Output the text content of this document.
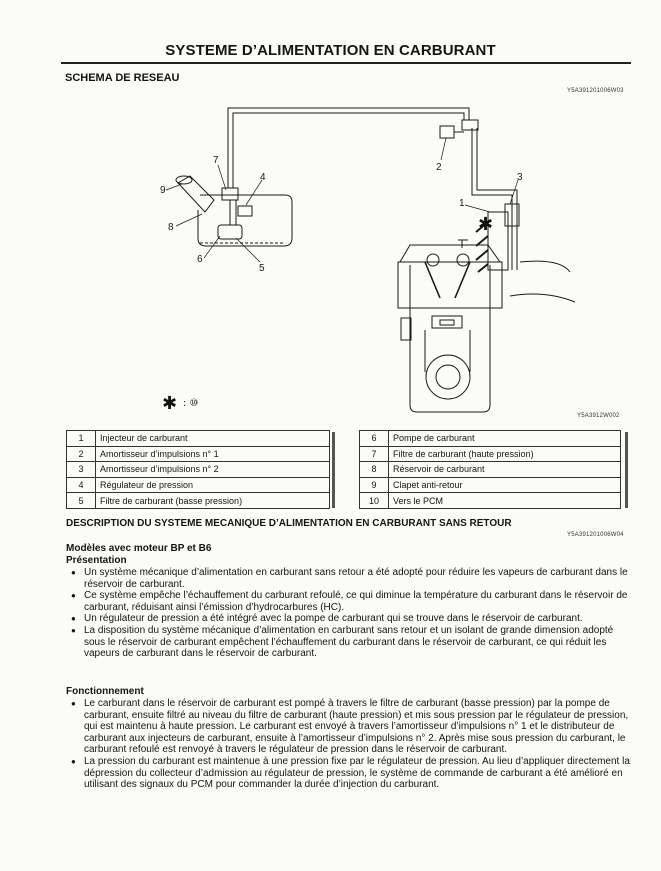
SYSTEME D’ALIMENTATION EN CARBURANT
SCHEMA DE RESEAU
Y5A391201006W03
1
2
3
4
5
6
7
8
9
✱
✱ : ⑩
Y5A3912W002
1	Injecteur de carburant
2	Amortisseur d’impulsions n° 1
3	Amortisseur d’impulsions n° 2
4	Régulateur de pression
5	Filtre de carburant (basse pression)
6	Pompe de carburant
7	Filtre de carburant (haute pression)
8	Réservoir de carburant
9	Clapet anti-retour
10	Vers le PCM
DESCRIPTION DU SYSTEME MECANIQUE D’ALIMENTATION EN CARBURANT SANS RETOUR
Y5A391201006W04
Modèles avec moteur BP et B6
Présentation
● Un système mécanique d’alimentation en carburant sans retour a été adopté pour réduire les vapeurs de carburant dans le réservoir de carburant.
● Ce système empêche l’échauffement du carburant refoulé, ce qui diminue la température du carburant dans le réservoir de carburant, réduisant ainsi l’émission d’hydrocarbures (HC).
● Un régulateur de pression a été intégré avec la pompe de carburant qui se trouve dans le réservoir de carburant.
● La disposition du système mécanique d’alimentation en carburant sans retour et un isolant de grande dimension adopté sous le réservoir de carburant empêchent l’échauffement du carburant dans le réservoir de carburant, ce qui réduit les vapeurs de carburant dans le réservoir de carburant.
Fonctionnement
● Le carburant dans le réservoir de carburant est pompé à travers le filtre de carburant (basse pression) par la pompe de carburant, ensuite filtré au niveau du filtre de carburant (haute pression) et mis sous pression par le régulateur de pression, qui est maintenu à haute pression. Le carburant est envoyé à travers l’amortisseur d’impulsions n° 1 et le distributeur de carburant aux injecteurs de carburant, ensuite à l’amortisseur d’impulsions n° 2. Après mise sous pression du carburant, le carburant refoulé est renvoyé à travers le régulateur de pression dans le réservoir de carburant.
● La pression du carburant est maintenue à une pression fixe par le régulateur de pression. Au lieu d’appliquer directement la dépression du collecteur d’admission au régulateur de pression, le système de commande de carburant a été amélioré en utilisant des signaux du PCM pour commander la durée d’injection du carburant.
